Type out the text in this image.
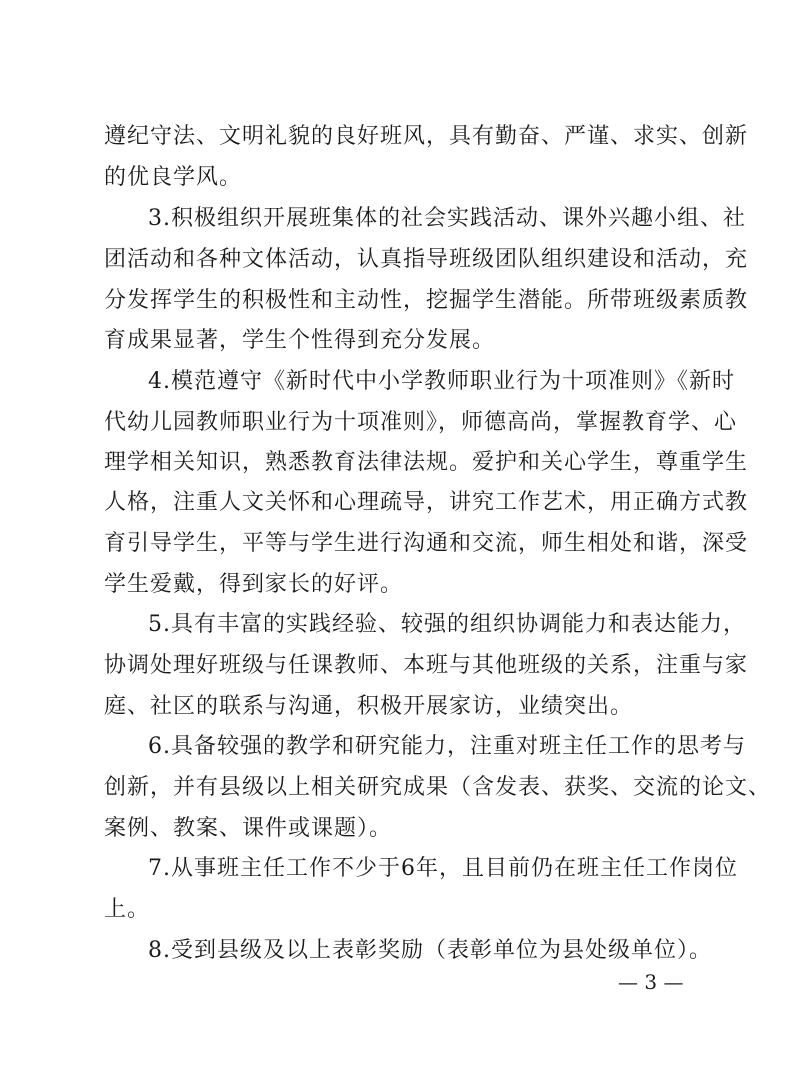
遵纪守法、文明礼貌的良好班风，具有勤奋、严谨、求实、创新
的优良学风。
3.积极组织开展班集体的社会实践活动、课外兴趣小组、社
团活动和各种文体活动，认真指导班级团队组织建设和活动，充
分发挥学生的积极性和主动性，挖掘学生潜能。所带班级素质教
育成果显著，学生个性得到充分发展。
4.模范遵守《新时代中小学教师职业行为十项准则》《新时
代幼儿园教师职业行为十项准则》，师德高尚，掌握教育学、心
理学相关知识，熟悉教育法律法规。爱护和关心学生，尊重学生
人格，注重人文关怀和心理疏导，讲究工作艺术，用正确方式教
育引导学生，平等与学生进行沟通和交流，师生相处和谐，深受
学生爱戴，得到家长的好评。
5.具有丰富的实践经验、较强的组织协调能力和表达能力，
协调处理好班级与任课教师、本班与其他班级的关系，注重与家
庭、社区的联系与沟通，积极开展家访，业绩突出。
6.具备较强的教学和研究能力，注重对班主任工作的思考与
创新，并有县级以上相关研究成果（含发表、获奖、交流的论文、
案例、教案、课件或课题）。
7.从事班主任工作不少于6年，且目前仍在班主任工作岗位
上。
8.受到县级及以上表彰奖励（表彰单位为县处级单位）。
— 3 —
